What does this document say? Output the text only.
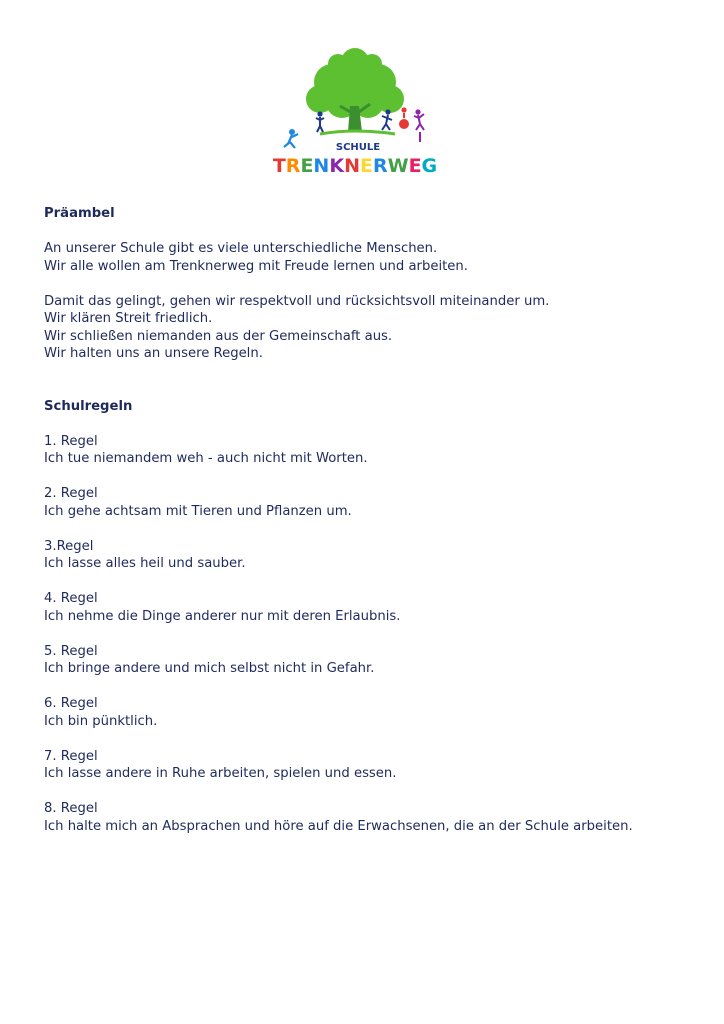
SCHULE
TRENKNERWEG

Präambel

An unserer Schule gibt es viele unterschiedliche Menschen.

Wir alle wollen am Trenknerweg mit Freude lernen und arbeiten.

Damit das gelingt, gehen wir respektvoll und rücksichtsvoll miteinander um.

Wir klären Streit friedlich.

Wir schließen niemanden aus der Gemeinschaft aus.

Wir halten uns an unsere Regeln.

Schulregeln

1. Regel

Ich tue niemandem weh - auch nicht mit Worten.

2. Regel

Ich gehe achtsam mit Tieren und Pflanzen um.

3.Regel

Ich lasse alles heil und sauber.

4. Regel

Ich nehme die Dinge anderer nur mit deren Erlaubnis.

5. Regel

Ich bringe andere und mich selbst nicht in Gefahr.

6. Regel

Ich bin pünktlich.

7. Regel

Ich lasse andere in Ruhe arbeiten, spielen und essen.

8. Regel

Ich halte mich an Absprachen und höre auf die Erwachsenen, die an der Schule arbeiten.
